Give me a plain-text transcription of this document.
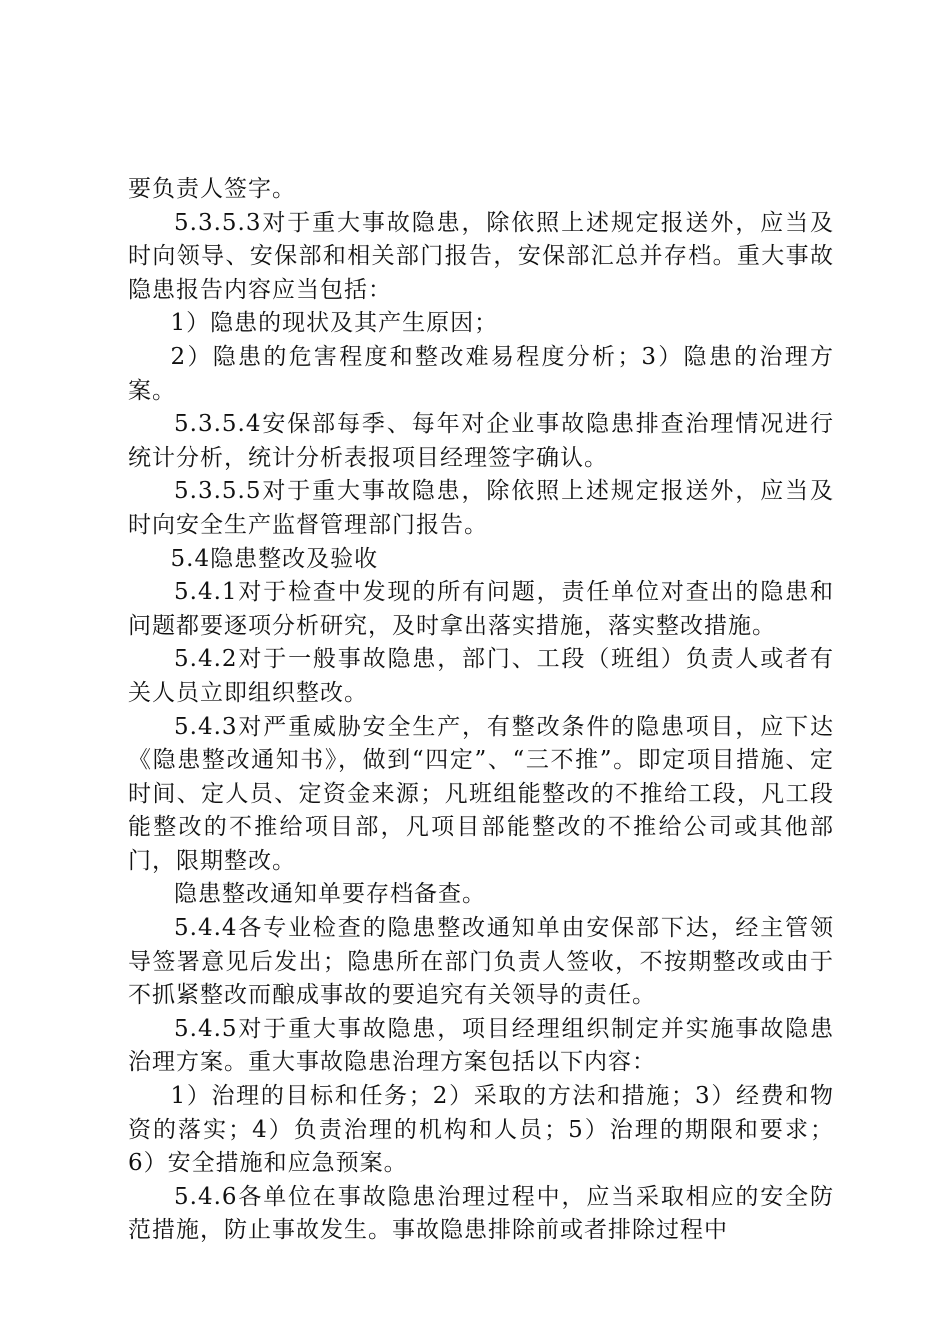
要负责人签字。

5.3.5.3对于重大事故隐患，除依照上述规定报送外，应当及时向领导、安保部和相关部门报告，安保部汇总并存档。重大事故隐患报告内容应当包括：

1）隐患的现状及其产生原因；

2）隐患的危害程度和整改难易程度分析；3）隐患的治理方案。

5.3.5.4安保部每季、每年对企业事故隐患排查治理情况进行统计分析，统计分析表报项目经理签字确认。

5.3.5.5对于重大事故隐患，除依照上述规定报送外，应当及时向安全生产监督管理部门报告。

5.4隐患整改及验收

5.4.1对于检查中发现的所有问题，责任单位对查出的隐患和问题都要逐项分析研究，及时拿出落实措施，落实整改措施。

5.4.2对于一般事故隐患，部门、工段（班组）负责人或者有关人员立即组织整改。

5.4.3对严重威胁安全生产，有整改条件的隐患项目，应下达《隐患整改通知书》，做到“四定”、“三不推”。即定项目措施、定时间、定人员、定资金来源；凡班组能整改的不推给工段，凡工段能整改的不推给项目部，凡项目部能整改的不推给公司或其他部门，限期整改。

隐患整改通知单要存档备查。

5.4.4各专业检查的隐患整改通知单由安保部下达，经主管领导签署意见后发出；隐患所在部门负责人签收，不按期整改或由于不抓紧整改而酿成事故的要追究有关领导的责任。

5.4.5对于重大事故隐患，项目经理组织制定并实施事故隐患治理方案。重大事故隐患治理方案包括以下内容：

1）治理的目标和任务；2）采取的方法和措施；3）经费和物资的落实；4）负责治理的机构和人员；5）治理的期限和要求；6）安全措施和应急预案。

5.4.6各单位在事故隐患治理过程中，应当采取相应的安全防范措施，防止事故发生。事故隐患排除前或者排除过程中
